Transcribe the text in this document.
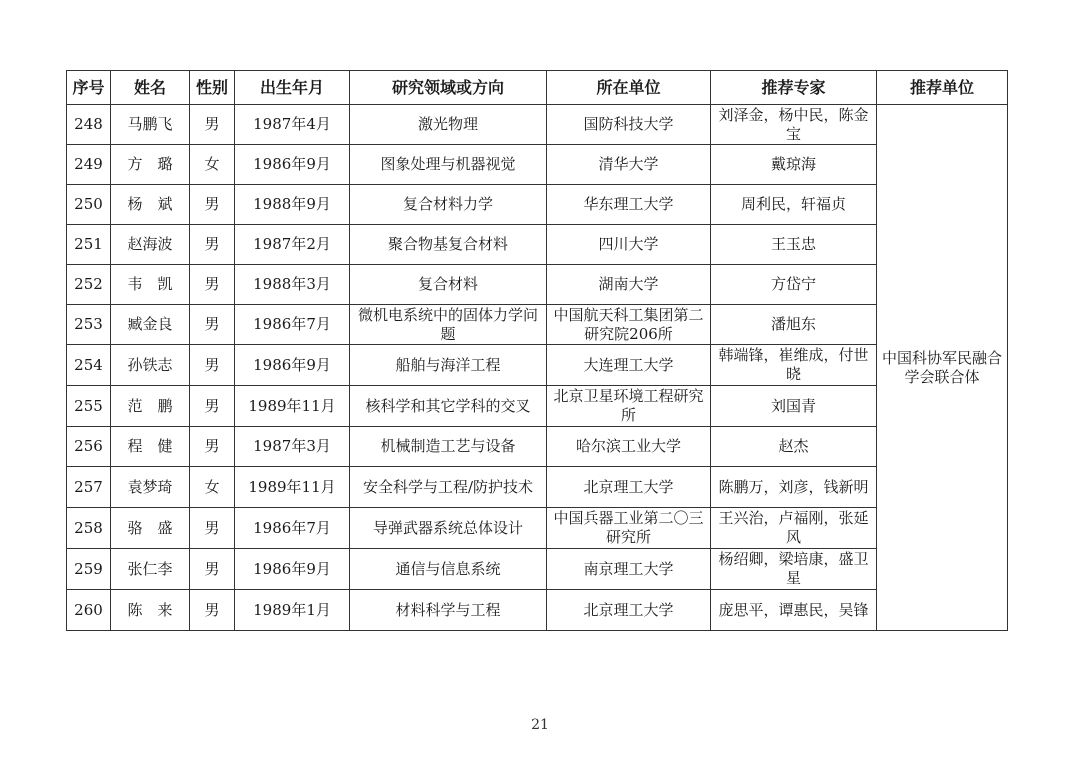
序号	姓名	性别	出生年月	研究领域或方向	所在单位	推荐专家	推荐单位
248	马鹏飞	男	1987年4月	激光物理	国防科技大学	刘泽金，杨中民，陈金宝	中国科协军民融合学会联合体
249	方　璐	女	1986年9月	图象处理与机器视觉	清华大学	戴琼海	
250	杨　斌	男	1988年9月	复合材料力学	华东理工大学	周利民，轩福贞	
251	赵海波	男	1987年2月	聚合物基复合材料	四川大学	王玉忠	
252	韦　凯	男	1988年3月	复合材料	湖南大学	方岱宁	
253	臧金良	男	1986年7月	微机电系统中的固体力学问题	中国航天科工集团第二研究院206所	潘旭东	
254	孙铁志	男	1986年9月	船舶与海洋工程	大连理工大学	韩端锋，崔维成，付世晓	
255	范　鹏	男	1989年11月	核科学和其它学科的交叉	北京卫星环境工程研究所	刘国青	
256	程　健	男	1987年3月	机械制造工艺与设备	哈尔滨工业大学	赵杰	
257	袁梦琦	女	1989年11月	安全科学与工程/防护技术	北京理工大学	陈鹏万，刘彦，钱新明	
258	骆　盛	男	1986年7月	导弹武器系统总体设计	中国兵器工业第二〇三研究所	王兴治，卢福刚，张延风	
259	张仁李	男	1986年9月	通信与信息系统	南京理工大学	杨绍卿，梁培康，盛卫星	
260	陈　来	男	1989年1月	材料科学与工程	北京理工大学	庞思平，谭惠民，吴锋	
21
